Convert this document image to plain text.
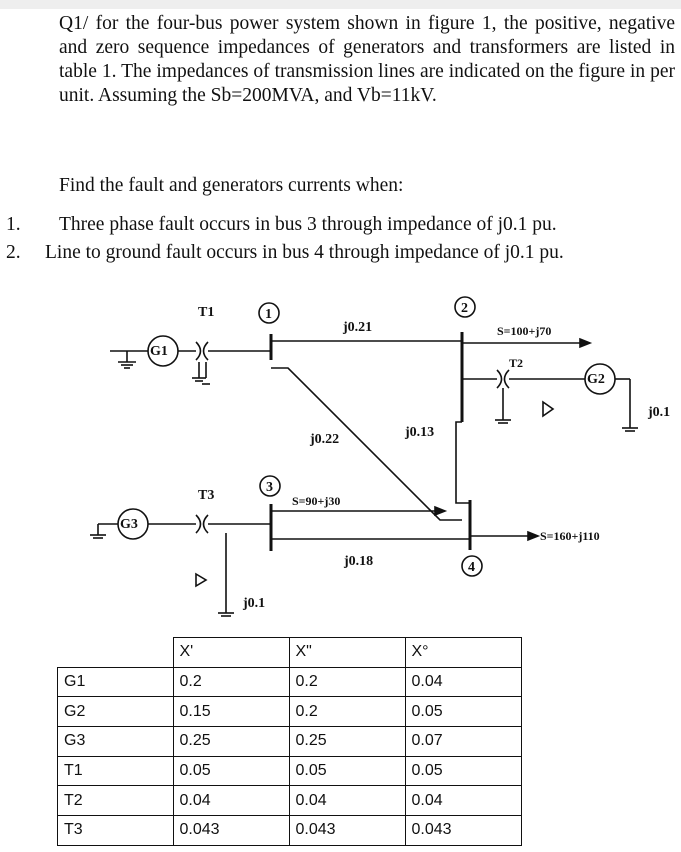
Q1/ for the four-bus power system shown in figure 1, the positive, negative and zero sequence impedances of generators and transformers are listed in table 1. The impedances of transmission lines are indicated on the figure in per unit. Assuming the Sb=200MVA, and Vb=11kV.

Find the fault and generators currents when:

1. Three phase fault occurs in bus 3 through impedance of j0.1 pu.

2. Line to ground fault occurs in bus 4 through impedance of j0.1 pu.

T1	1
j0.21
2
S=100+j70
T2
G1
G2
j0.1
j0.22	j0.13
T3
3
S=90+j30
G3
S=160+j110
j0.18	4
j0.1
	X'	X"	X°
G1	0.2	0.2	0.04
G2	0.15	0.2	0.05
G3	0.25	0.25	0.07
T1	0.05	0.05	0.05
T2	0.04	0.04	0.04
T3	0.043	0.043	0.043
